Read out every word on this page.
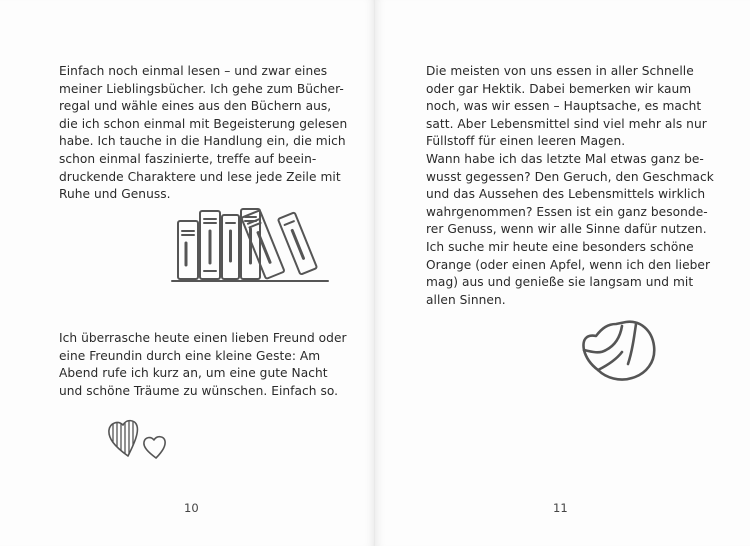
Einfach noch einmal lesen – und zwar eines
meiner Lieblingsbücher. Ich gehe zum Bücher-
regal und wähle eines aus den Büchern aus,
die ich schon einmal mit Begeisterung gelesen
habe. Ich tauche in die Handlung ein, die mich
schon einmal faszinierte, treffe auf beein-
druckende Charaktere und lese jede Zeile mit
Ruhe und Genuss.
Ich überrasche heute einen lieben Freund oder
eine Freundin durch eine kleine Geste: Am
Abend rufe ich kurz an, um eine gute Nacht
und schöne Träume zu wünschen. Einfach so.
10	11
Die meisten von uns essen in aller Schnelle
oder gar Hektik. Dabei bemerken wir kaum
noch, was wir essen – Hauptsache, es macht
satt. Aber Lebensmittel sind viel mehr als nur
Füllstoff für einen leeren Magen.
Wann habe ich das letzte Mal etwas ganz be-
wusst gegessen? Den Geruch, den Geschmack
und das Aussehen des Lebensmittels wirklich
wahrgenommen? Essen ist ein ganz besonde-
rer Genuss, wenn wir alle Sinne dafür nutzen.
Ich suche mir heute eine besonders schöne
Orange (oder einen Apfel, wenn ich den lieber
mag) aus und genieße sie langsam und mit
allen Sinnen.
